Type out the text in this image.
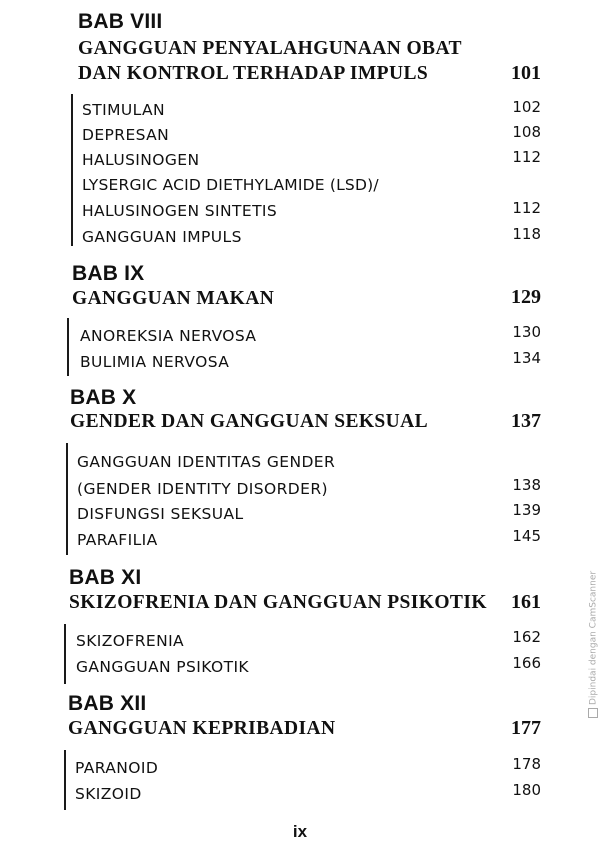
BAB VIII
GANGGUAN PENYALAHGUNAAN OBAT
DAN KONTROL TERHADAP IMPULS	101
STIMULAN	102
DEPRESAN	108
HALUSINOGEN	112
LYSERGIC ACID DIETHYLAMIDE (LSD)/
HALUSINOGEN SINTETIS	112
GANGGUAN IMPULS	118
BAB IX
GANGGUAN MAKAN	129
ANOREKSIA NERVOSA	130
BULIMIA NERVOSA	134
BAB X
GENDER DAN GANGGUAN SEKSUAL	137
GANGGUAN IDENTITAS GENDER
(GENDER IDENTITY DISORDER)	138
DISFUNGSI SEKSUAL	139
PARAFILIA	145
BAB XI
SKIZOFRENIA DAN GANGGUAN PSIKOTIK 161
SKIZOFRENIA	162
GANGGUAN PSIKOTIK	166
BAB XII
GANGGUAN KEPRIBADIAN	177
PARANOID	178
SKIZOID	180
ix
Dipindai dengan CamScanner
